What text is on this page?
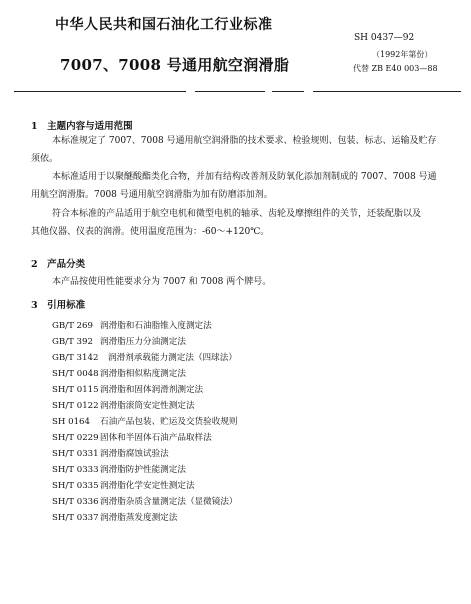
中华人民共和国石油化工行业标准
SH 0437—92
7007、7008 号通用航空润滑脂
（1992年第份）
代替 ZB E40 003—88
1　主题内容与适用范围
本标准规定了 7007、7008 号通用航空润滑脂的技术要求、检验规则、包装、标志、运输及贮存
须依。
本标准适用于以聚醚酸酯类化合物，并加有结构改善剂及防氧化添加剂制成的 7007、7008 号通
用航空润滑脂。7008 号通用航空润滑脂为加有防磨添加剂。
符合本标准的产品适用于航空电机和微型电机的轴承、齿轮及摩擦组件的关节，还装配脂以及
其他仪器、仪表的润滑。使用温度范围为：-60～+120℃。
2　产品分类
本产品按使用性能要求分为 7007 和 7008 两个牌号。
3　引用标准
GB/T 269 润滑脂和石油脂锥入度测定法
GB/T 392 润滑脂压力分油测定法
GB/T 3142 润滑剂承载能力测定法（四球法）
SH/T 0048润滑脂相似粘度测定法
SH/T 0115润滑脂和固体润滑剂测定法
SH/T 0122润滑脂滚筒安定性测定法
SH 0164 石油产品包装、贮运及交货验收规则
SH/T 0229固体和半固体石油产品取样法
SH/T 0331润滑脂腐蚀试验法
SH/T 0333润滑脂防护性能测定法
SH/T 0335润滑脂化学安定性测定法
SH/T 0336润滑脂杂质含量测定法（显微镜法）
SH/T 0337润滑脂蒸发度测定法
